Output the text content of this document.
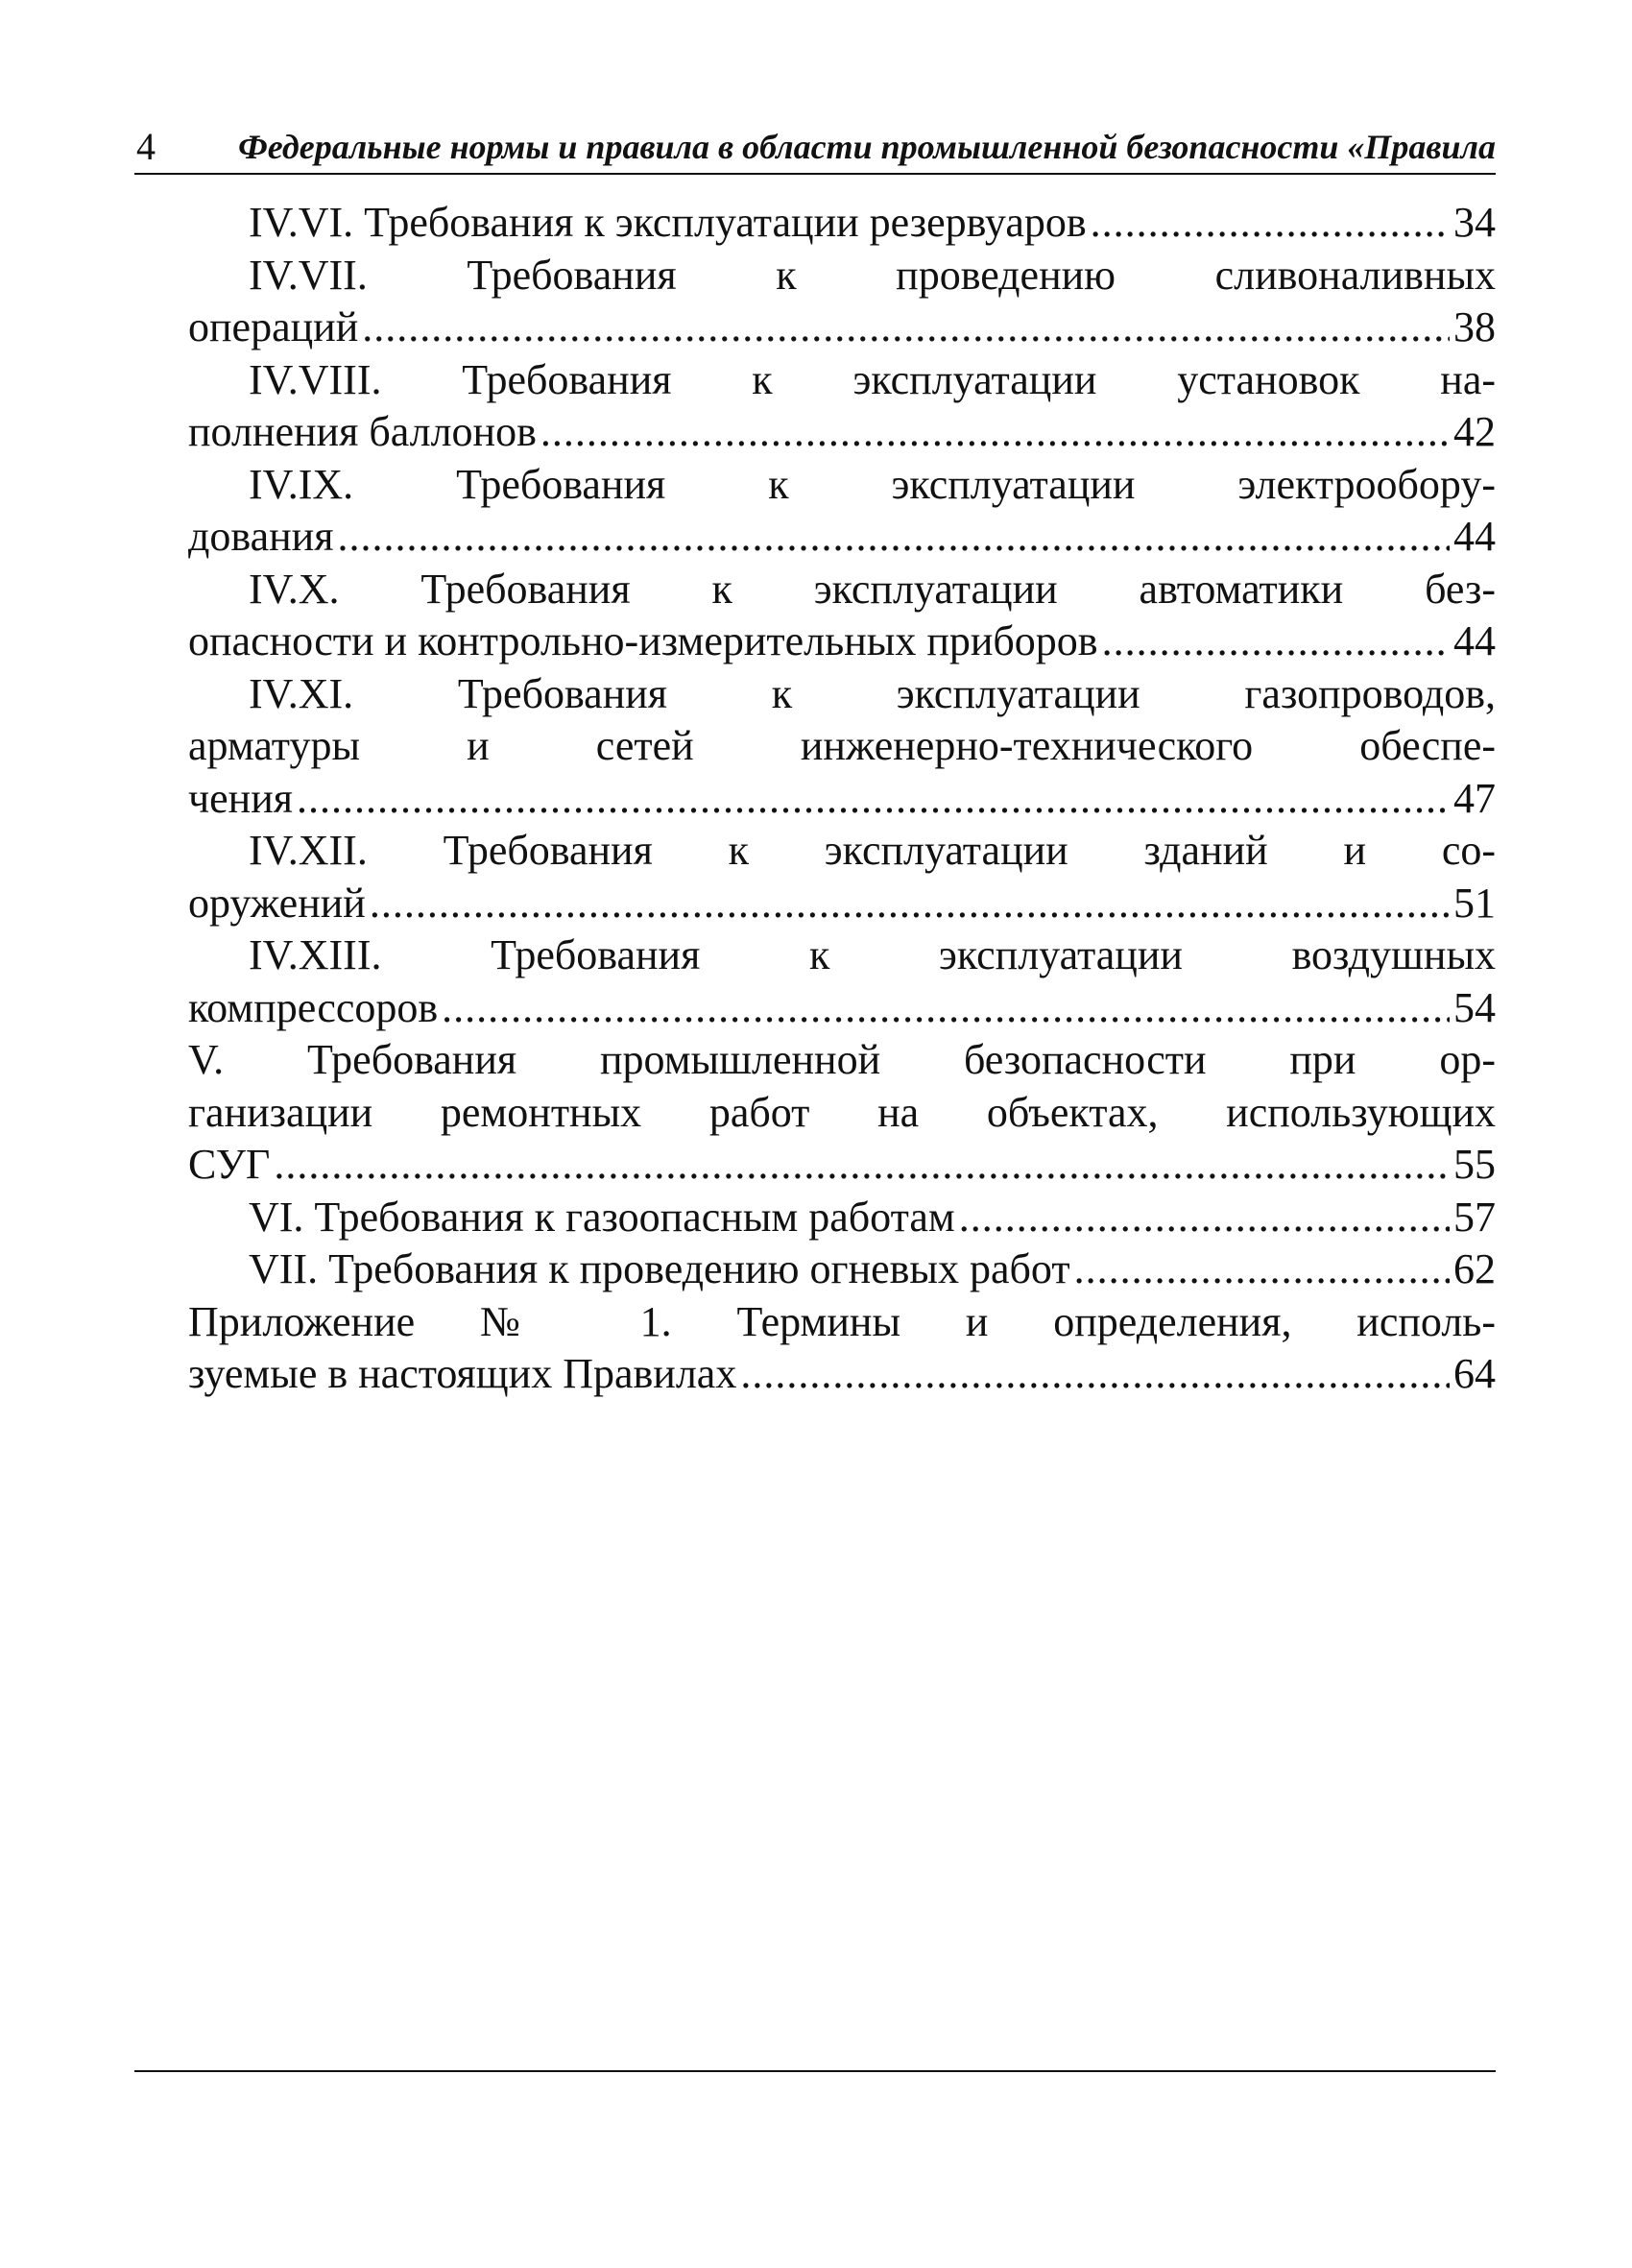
4 Федеральные нормы и правила в области промышленной безопасности «Правила
IV.VI. Требования к эксплуатации резервуаров .....	34
IV.VII. Требования к проведению сливоналивных
операций .....	38
IV.VIII. Требования к эксплуатации установок на-
полнения баллонов .....	42
IV.IX. Требования к эксплуатации электрообору-
дования .....	44
IV.X. Требования к эксплуатации автоматики без-
опасности и контрольно-измерительных приборов .....	44
IV.XI. Требования к эксплуатации газопроводов,
арматуры и сетей инженерно-технического обеспе-
чения .....	47
IV.XII. Требования к эксплуатации зданий и со-
оружений .....	51
IV.XIII. Требования к эксплуатации воздушных
компрессоров .....	54
V. Требования промышленной безопасности при ор-
ганизации ремонтных работ на объектах, использующих
СУГ .....	55
VI. Требования к газоопасным работам .....	57
VII. Требования к проведению огневых работ .....	62
Приложение № 1. Термины и определения, исполь-
зуемые в настоящих Правилах .....	64
